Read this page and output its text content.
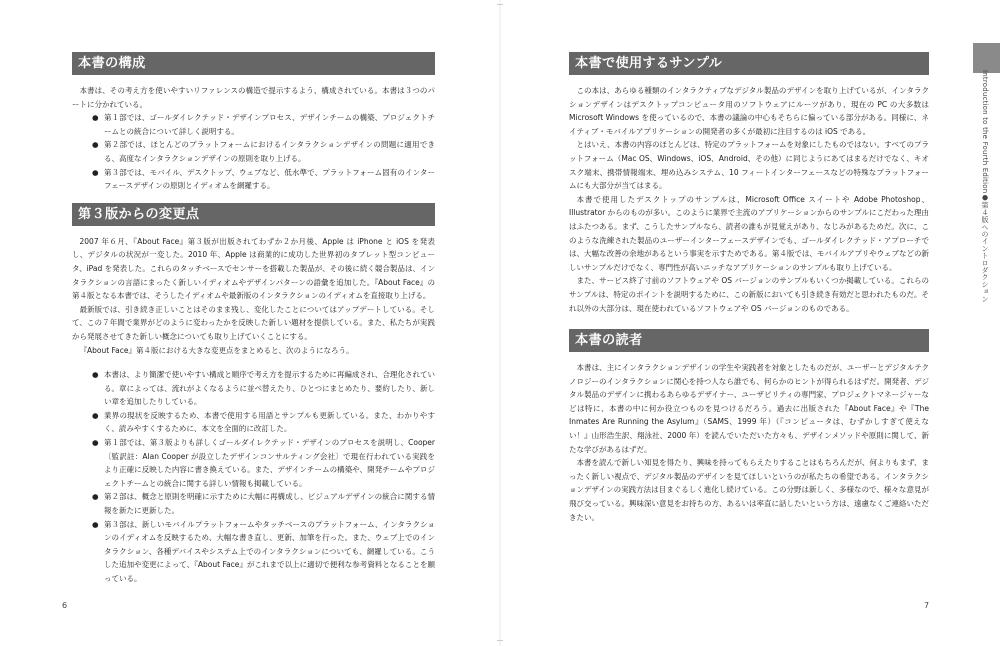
本書の構成

本書は、その考え方を使いやすいリファレンスの構造で提示するよう、構成されている。本書は３つのパートに分かれている。

● 第１部では、ゴールダイレクテッド・デザインプロセス、デザインチームの構築、プロジェクトチームとの統合について詳しく説明する。
● 第２部では、ほとんどのプラットフォームにおけるインタラクションデザインの問題に適用できる、高度なインタラクションデザインの原則を取り上げる。
● 第３部では、モバイル、デスクトップ、ウェブなど、低水準で、プラットフォーム固有のインターフェースデザインの原則とイディオムを網羅する。
第３版からの変更点

2007 年６月、『About Face』第３版が出版されてわずか２か月後、Apple は iPhone と iOS を発表し、デジタルの状況が一変した。2010 年、Apple は商業的に成功した世界初のタブレット型コンピュータ、iPad を発表した。これらのタッチベースでセンサーを搭載した製品が、その後に続く競合製品は、インタラクションの言語にまったく新しいイディオムやデザインパターンの語彙を追加した。『About Face』の第４版となる本書では、そうしたイディオムや最新版のインタラクションのイディオムを直接取り上げる。

最新版では、引き続き正しいことはそのまま残し、変化したことについてはアップデートしている。そして、この７年間で業界がどのように変わったかを反映した新しい題材を提供している。また、私たちが実践から発展させてきた新しい概念についても取り上げていくことにする。

『About Face』第４版における大きな変更点をまとめると、次のようになろう。

● 本書は、より簡潔で使いやすい構成と順序で考え方を提示するために再編成され、合理化されている。章によっては、流れがよくなるように並べ替えたり、ひとつにまとめたり、要約したり、新しい章を追加したりしている。
● 業界の現状を反映するため、本書で使用する用語とサンプルも更新している。また、わかりやすく、読みやすくするために、本文を全面的に改訂した。
● 第１部では、第３版よりも詳しくゴールダイレクテッド・デザインのプロセスを説明し、Cooper〔監訳註：Alan Cooper が設立したデザインコンサルティング会社〕で現在行われている実践をより正確に反映した内容に書き換えている。また、デザインチームの構築や、開発チームやプロジェクトチームとの統合に関する詳しい情報も掲載している。
● 第２部は、概念と原則を明確に示すために大幅に再構成し、ビジュアルデザインの統合に関する情報を新たに更新した。
● 第３部は、新しいモバイルプラットフォームやタッチベースのプラットフォーム、インタラクションのイディオムを反映するため、大幅な書き直し、更新、加筆を行った。また、ウェブ上でのインタラクション、各種デバイスやシステム上でのインタラクションについても、網羅している。こうした追加や変更によって、『About Face』がこれまで以上に適切で便利な参考資料となることを願っている。
6
本書で使用するサンプル

この本は、あらゆる種類のインタラクティブなデジタル製品のデザインを取り上げているが、インタラクションデザインはデスクトップコンピュータ用のソフトウェアにルーツがあり、現在の PC の大多数は Microsoft Windows を使っているので、本書の議論の中心もそちらに偏っている部分がある。同様に、ネイティブ・モバイルアプリケーションの開発者の多くが最初に注目するのは iOS である。

とはいえ、本書の内容のほとんどは、特定のプラットフォームを対象にしたものではない。すべてのプラットフォーム（Mac OS、Windows、iOS、Android、その他）に同じようにあてはまるだけでなく、キオスク端末、携帯情報端末、埋め込みシステム、10 フィートインターフェースなどの特殊なプラットフォームにも大部分が当てはまる。

本書で使用したデスクトップのサンプルは、Microsoft Office スイートや Adobe Photoshop、Illustrator からのものが多い。このように業界で主流のアプリケーションからのサンプルにこだわった理由はふたつある。まず、こうしたサンプルなら、読者の誰もが見覚えがあり、なじみがあるためだ。次に、このような洗練された製品のユーザーインターフェースデザインでも、ゴールダイレクテッド・アプローチでは、大幅な改善の余地があるという事実を示すためである。第４版では、モバイルアプリやウェブなどの新しいサンプルだけでなく、専門性が高いニッチなアプリケーションのサンプルも取り上げている。

また、サービス終了寸前のソフトウェアや OS バージョンのサンプルもいくつか掲載している。これらのサンプルは、特定のポイントを説明するために、この新版においても引き続き有効だと思われたものだ。それ以外の大部分は、現在使われているソフトウェアや OS バージョンのものである。

本書の読者

本書は、主にインタラクションデザインの学生や実践者を対象としたものだが、ユーザーとデジタルテクノロジーのインタラクションに関心を持つ人なら誰でも、何らかのヒントが得られるはずだ。開発者、デジタル製品のデザインに携わるあらゆるデザイナー、ユーザビリティの専門家、プロジェクトマネージャーなどは特に、本書の中に何か役立つものを見つけるだろう。過去に出版された『About Face』や『The Inmates Are Running the Asylum』（SAMS、1999 年）（『コンピュータは、むずかしすぎて使えない！』山形浩生訳、翔泳社、2000 年）を読んでいただいた方々も、デザインメソッドや原則に関して、新たな学びがあるはずだ。

本書を読んで新しい知見を得たり、興味を持ってもらえたりすることはもちろんだが、何よりもまず、まったく新しい視点で、デジタル製品のデザインを見てほしいというのが私たちの希望である。インタラクションデザインの実践方法は目まぐるしく進化し続けている。この分野は新しく、多様なので、様々な意見が飛び交っている。興味深い意見をお持ちの方、あるいは率直に話したいという方は、遠慮なくご連絡いただきたい。

Introduction to the Fourth Edition●第４版へのイントロダクション
7
